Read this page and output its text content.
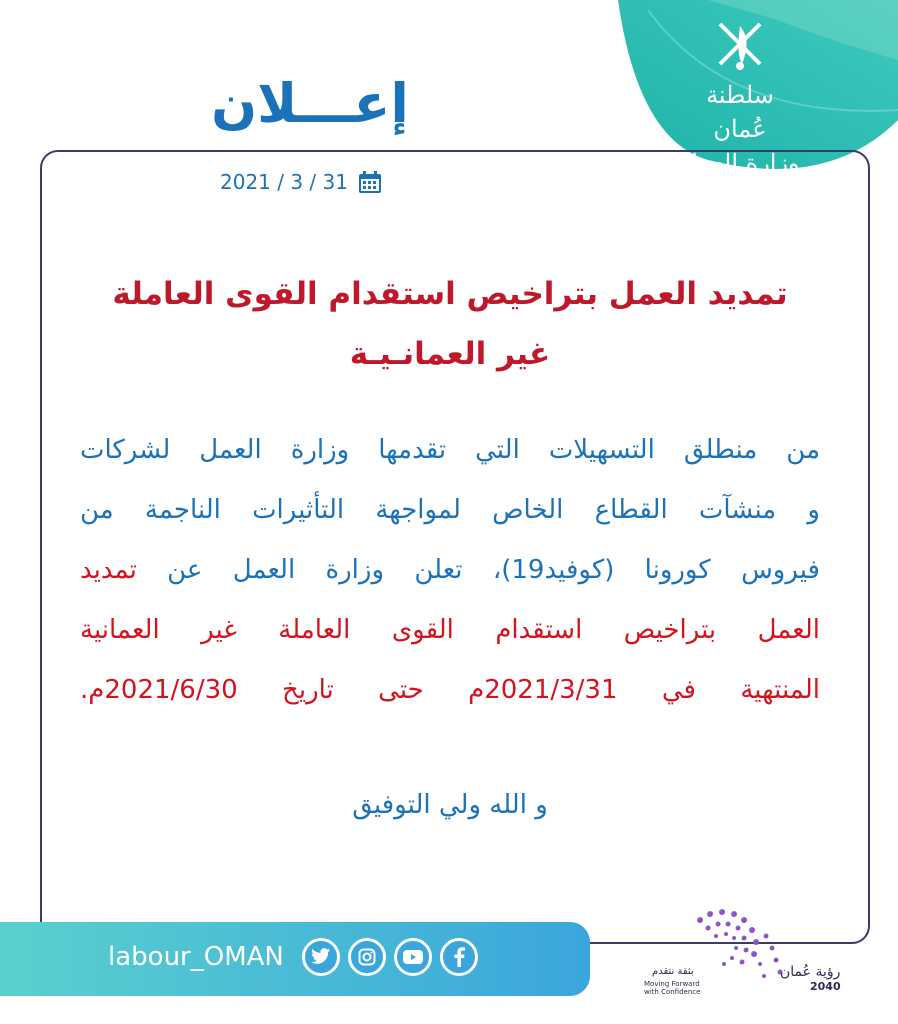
سلطنة عُمان
وزارة العمل
إعـــلان
2021 / 3 / 31
تمديد العمل بتراخيص استقدام القوى العاملة
غير العمانـيـة
من منطلق التسهيلات التي تقدمها وزارة العمل لشركات
و منشآت القطاع الخاص لمواجهة التأثيرات الناجمة من
فيروس كورونا (كوفيد19)، تعلن وزارة العمل عن تمديد
العمل بتراخيص استقدام القوى العاملة غير العمانية
المنتهية في 2021/3/31م حتى تاريخ 2021/6/30م.
و الله ولي التوفيق
labour_OMAN	بثقة نتقدم
Moving Forward with Confidence
رؤية عُمان
2040
